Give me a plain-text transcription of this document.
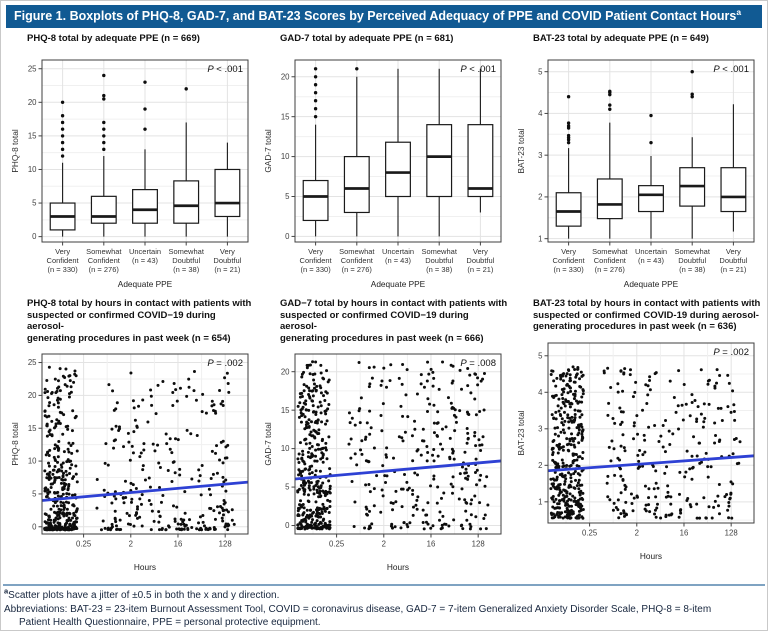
Figure 1. Boxplots of PHQ-8, GAD-7, and BAT-23 Scores by Perceived Adequacy of PPE and COVID Patient Contact Hours$^a$
PHQ-8 total by adequate PPE (n = 669)
Very
Confident
(n = 330)
Somewhat
Confident
(n = 276)
Uncertain
(n = 43)
Somewhat
Doubtful
(n = 38)
Very
Doubtful
(n = 21)
0
5
10
15
20
25
PHQ-8 total
Adequate PPE
P < .001
GAD-7 total by adequate PPE (n = 681)
Very
Confident
(n = 330)
Somewhat
Confident
(n = 276)
Uncertain
(n = 43)
Somewhat
Doubtful
(n = 38)
Very
Doubtful
(n = 21)
0
5
10
15
20
GAD-7 total
Adequate PPE
P < .001
BAT-23 total by adequate PPE (n = 649)
Very
Confident
(n = 330)
Somewhat
Confident
(n = 276)
Uncertain
(n = 43)
Somewhat
Doubtful
(n = 38)
Very
Doubtful
(n = 21)
1
2
3
4
5
BAT-23 total
Adequate PPE
P < .001
PHQ-8 total by hours in contact with patients with
suspected or confirmed COVID−19 during aerosol-
generating procedures in past week (n = 654)
0.25	2	16	128
0
5
10
15
20
25
PHQ-8 total
Hours
P = .002
GAD−7 total by hours in contact with patients with
suspected or confirmed COVID−19 during aerosol-
generating procedures in past week (n = 666)
0.25	2	16	128
0
5
10
15
20
GAD-7 total
Hours
P = .008
BAT-23 total by hours in contact with patients with
suspected or confirmed COVID-19 during aerosol-
generating procedures in past week (n = 636)
0.25	2	16	128
1
2
3
4
5
BAT-23 total
Hours
P = .002
$^a$Scatter plots have a jitter of ±0.5 in both the x and y direction.
Abbreviations: BAT-23 = 23-item Burnout Assessment Tool, COVID = coronavirus disease, GAD-7 = 7-item Generalized Anxiety Disorder Scale, PHQ-8 = 8-item
Patient Health Questionnaire, PPE = personal protective equipment.
